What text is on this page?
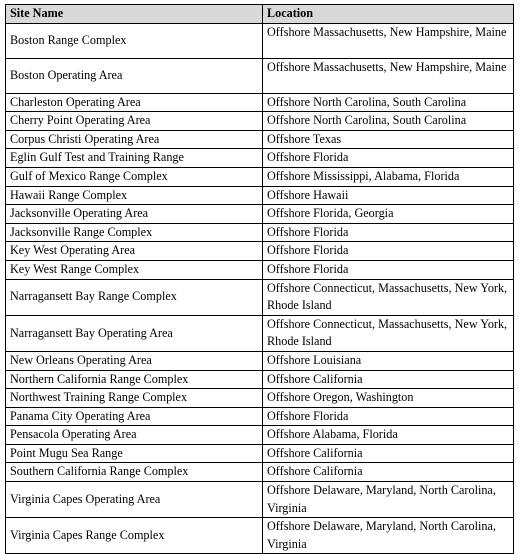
Site Name	Location
Boston Range Complex	Offshore Massachusetts, New Hampshire, Maine
Boston Operating Area	Offshore Massachusetts, New Hampshire, Maine
Charleston Operating Area	Offshore North Carolina, South Carolina
Cherry Point Operating Area	Offshore North Carolina, South Carolina
Corpus Christi Operating Area	Offshore Texas
Eglin Gulf Test and Training Range	Offshore Florida
Gulf of Mexico Range Complex	Offshore Mississippi, Alabama, Florida
Hawaii Range Complex	Offshore Hawaii
Jacksonville Operating Area	Offshore Florida, Georgia
Jacksonville Range Complex	Offshore Florida
Key West Operating Area	Offshore Florida
Key West Range Complex	Offshore Florida
Narragansett Bay Range Complex	Offshore Connecticut, Massachusetts, New York, Rhode Island
Narragansett Bay Operating Area	Offshore Connecticut, Massachusetts, New York, Rhode Island
New Orleans Operating Area	Offshore Louisiana
Northern California Range Complex	Offshore California
Northwest Training Range Complex	Offshore Oregon, Washington
Panama City Operating Area	Offshore Florida
Pensacola Operating Area	Offshore Alabama, Florida
Point Mugu Sea Range	Offshore California
Southern California Range Complex	Offshore California
Virginia Capes Operating Area	Offshore Delaware, Maryland, North Carolina, Virginia
Virginia Capes Range Complex	Offshore Delaware, Maryland, North Carolina, Virginia
